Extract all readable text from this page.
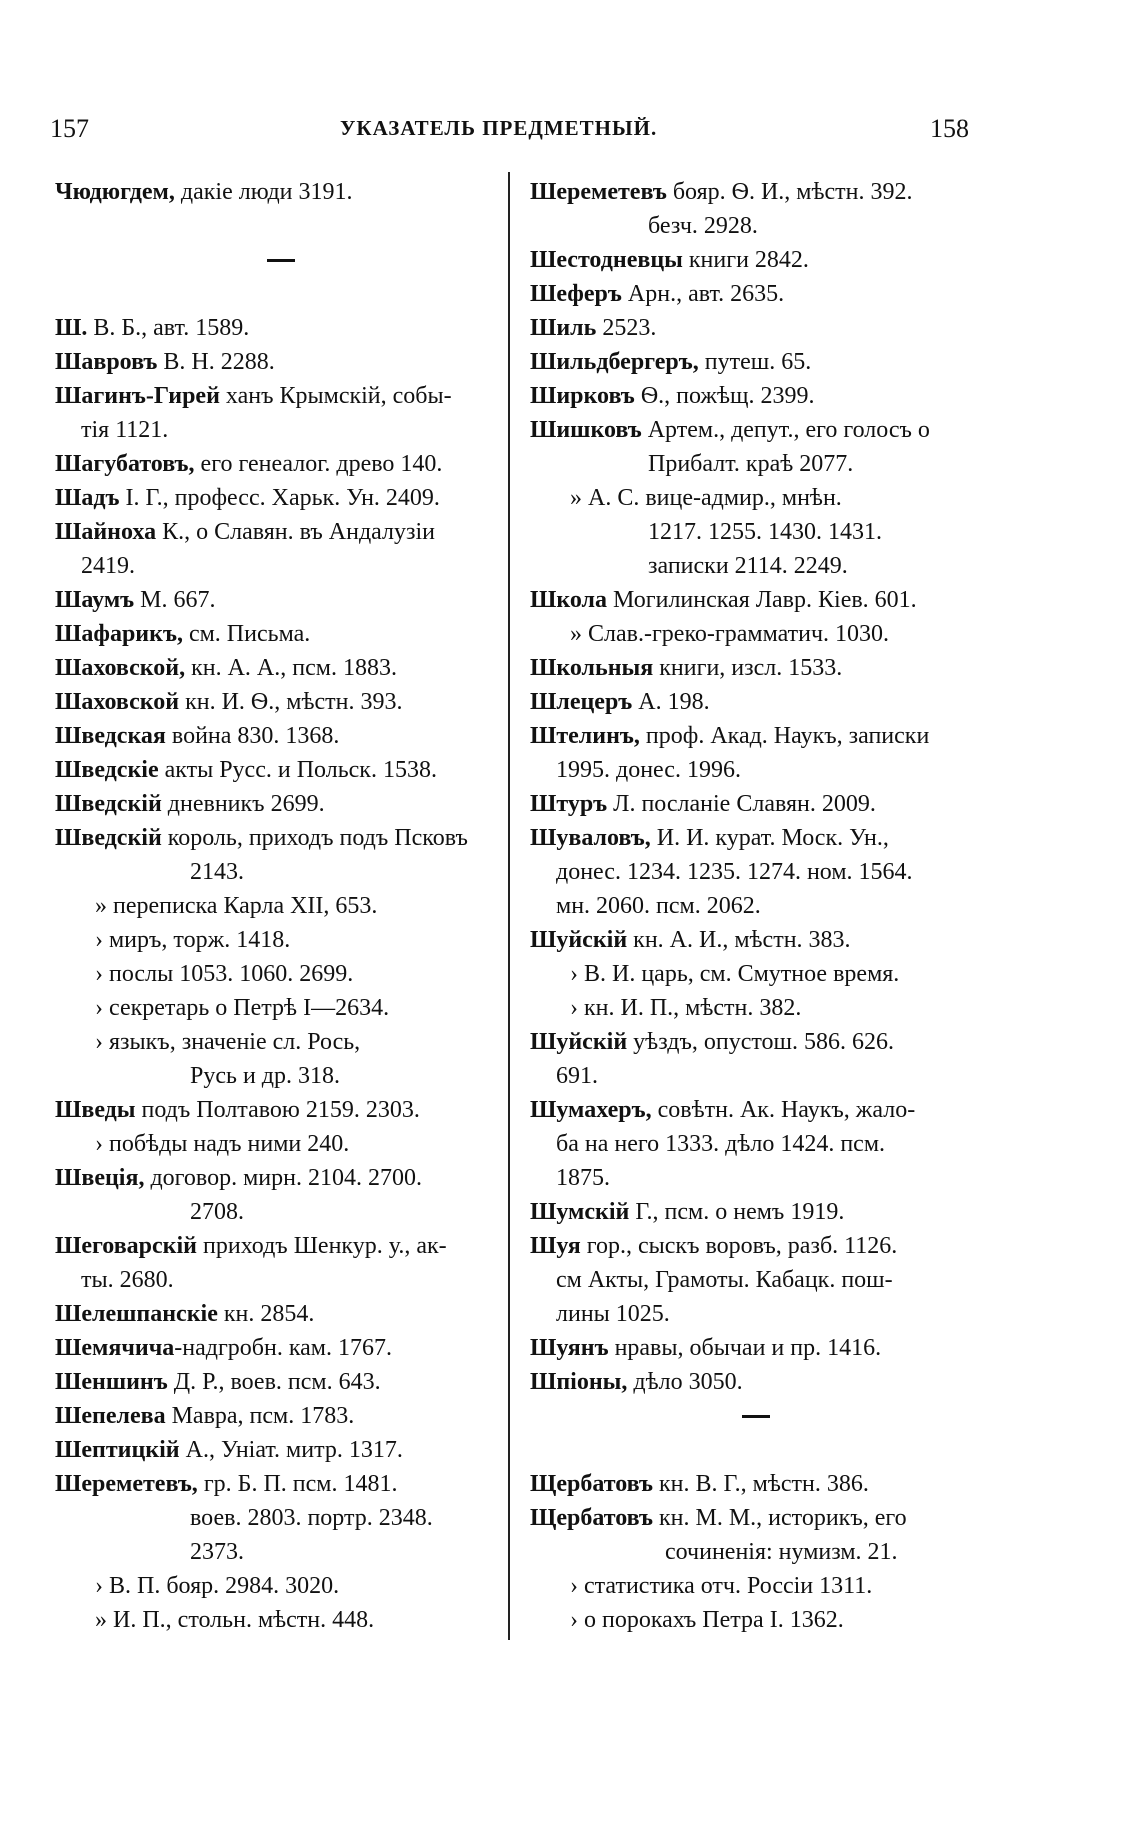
157	УКАЗАТЕЛЬ ПРЕДМЕТНЫЙ.	158
Чюдюгдем, дакіе люди 3191.
Ш. В. Б., авт. 1589.
Шавровъ В. Н. 2288.
Шагинъ-Гирей ханъ Крымскій, собы-
тія 1121.
Шагубатовъ, его генеалог. древо 140.
Шадъ І. Г., професс. Харьк. Ун. 2409.
Шайноха К., о Славян. въ Андалузіи
2419.
Шаумъ М. 667.
Шафарикъ, см. Письма.
Шаховской, кн. А. А., псм. 1883.
Шаховской кн. И. Ѳ., мѣстн. 393.
Шведская война 830. 1368.
Шведскіе акты Русс. и Польск. 1538.
Шведскій дневникъ 2699.
Шведскій король, приходъ подъ Псковъ
2143.
» переписка Карла XII, 653.
› миръ, торж. 1418.
› послы 1053. 1060. 2699.
› секретарь о Петрѣ І—2634.
› языкъ, значеніе сл. Рось,
Русь и др. 318.
Шведы подъ Полтавою 2159. 2303.
› побѣды надъ ними 240.
Швеція, договор. мирн. 2104. 2700.
2708.
Шеговарскій приходъ Шенкур. у., ак-
ты. 2680.
Шелешпанскіе кн. 2854.
Шемячича-надгробн. кам. 1767.
Шеншинъ Д. Р., воев. псм. 643.
Шепелева Мавра, псм. 1783.
Шептицкій А., Уніат. митр. 1317.
Шереметевъ, гр. Б. П. псм. 1481.
воев. 2803. портр. 2348.
2373.
› В. П. бояр. 2984. 3020.
» И. П., стольн. мѣстн. 448.
Шереметевъ бояр. Ѳ. И., мѣстн. 392.
безч. 2928.
Шестодневцы книги 2842.
Шеферъ Арн., авт. 2635.
Шиль 2523.
Шильдбергеръ, путеш. 65.
Ширковъ Ѳ., пожѣщ. 2399.
Шишковъ Артем., депут., его голосъ о
Прибалт. краѣ 2077.
» А. С. вице-адмир., мнѣн.
1217. 1255. 1430. 1431.
записки 2114. 2249.
Школа Могилинская Лавр. Кіев. 601.
» Слав.-греко-грамматич. 1030.
Школьныя книги, изсл. 1533.
Шлецеръ А. 198.
Штелинъ, проф. Акад. Наукъ, записки
1995. донес. 1996.
Штуръ Л. посланіе Славян. 2009.
Шуваловъ, И. И. курат. Моск. Ун.,
донес. 1234. 1235. 1274. ном. 1564.
мн. 2060. псм. 2062.
Шуйскій кн. А. И., мѣстн. 383.
› В. И. царь, см. Смутное время.
› кн. И. П., мѣстн. 382.
Шуйскій уѣздъ, опустош. 586. 626.
691.
Шумахеръ, совѣтн. Ак. Наукъ, жало-
ба на него 1333. дѣло 1424. псм.
1875.
Шумскій Г., псм. о немъ 1919.
Шуя гор., сыскъ воровъ, разб. 1126.
см Акты, Грамоты. Кабацк. пош-
лины 1025.
Шуянъ нравы, обычаи и пр. 1416.
Шпіоны, дѣло 3050.
Щербатовъ кн. В. Г., мѣстн. 386.
Щербатовъ кн. М. М., историкъ, его
сочиненія: нумизм. 21.
› статистика отч. Россіи 1311.
› о порокахъ Петра І. 1362.
